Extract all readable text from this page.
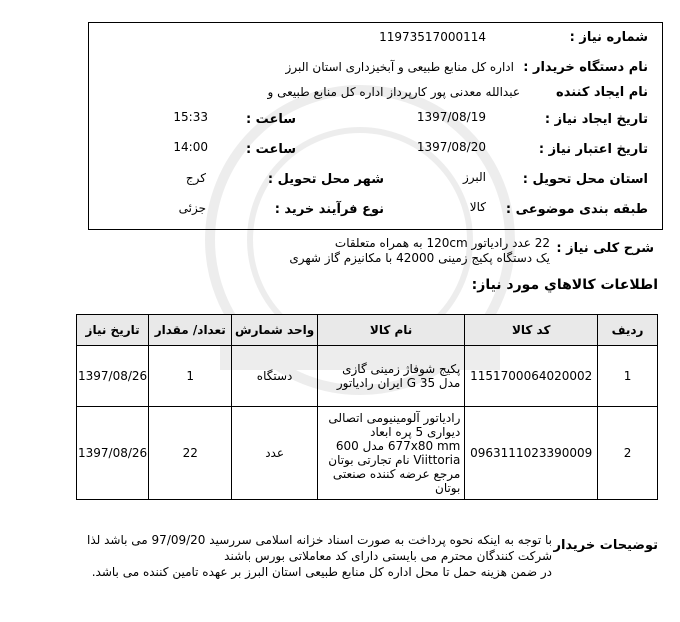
شماره نیاز :
11973517000114
نام دستگاه خریدار :
اداره کل منابع طبیعی و آبخیزداری استان البرز
نام ایجاد کننده
عبدالله معدنی پور کارپرداز اداره کل منابع طبیعی و
تاریخ ایجاد نیاز :
1397/08/19
ساعت :
15:33
تاریخ اعتبار نیاز :
1397/08/20
ساعت :
14:00
استان محل تحویل :
البرز
شهر محل تحویل :
کرج
طبقه بندی موضوعی :
کالا
نوع فرآیند خرید :
جزئی
شرح کلی نیاز :
22 عدد رادیاتور 120cm به همراه متعلقات
یک دستگاه پکیج زمینی 42000 با مکانیزم گاز شهری
اطلاعات کالاهاي مورد نياز:
ردیف	کد کالا	نام کالا	واحد شمارش	تعداد/ مقدار	تاریخ نیاز
1	1151700064020002	پکیج شوفاژ زمینی گازی مدل G 35 ایران رادیاتور	دستگاه	1	1397/08/26
2	0963111023390009	رادیاتور آلومینیومی اتصالی دیواری 5 پره ابعاد 677x80 mm مدل 600 Viittoria نام تجارتی بوتان مرجع عرضه کننده صنعتی بوتان	عدد	22	1397/08/26
توضیحات خریدار
با توجه به اینکه نحوه پرداخت به صورت اسناد خزانه اسلامی سررسید 97/09/20 می باشد لذا
شرکت کنندگان محترم می بایستی دارای کد معاملاتی بورس باشند
در ضمن هزینه حمل تا محل اداره کل منابع طبیعی استان البرز بر عهده تامین کننده می باشد.
